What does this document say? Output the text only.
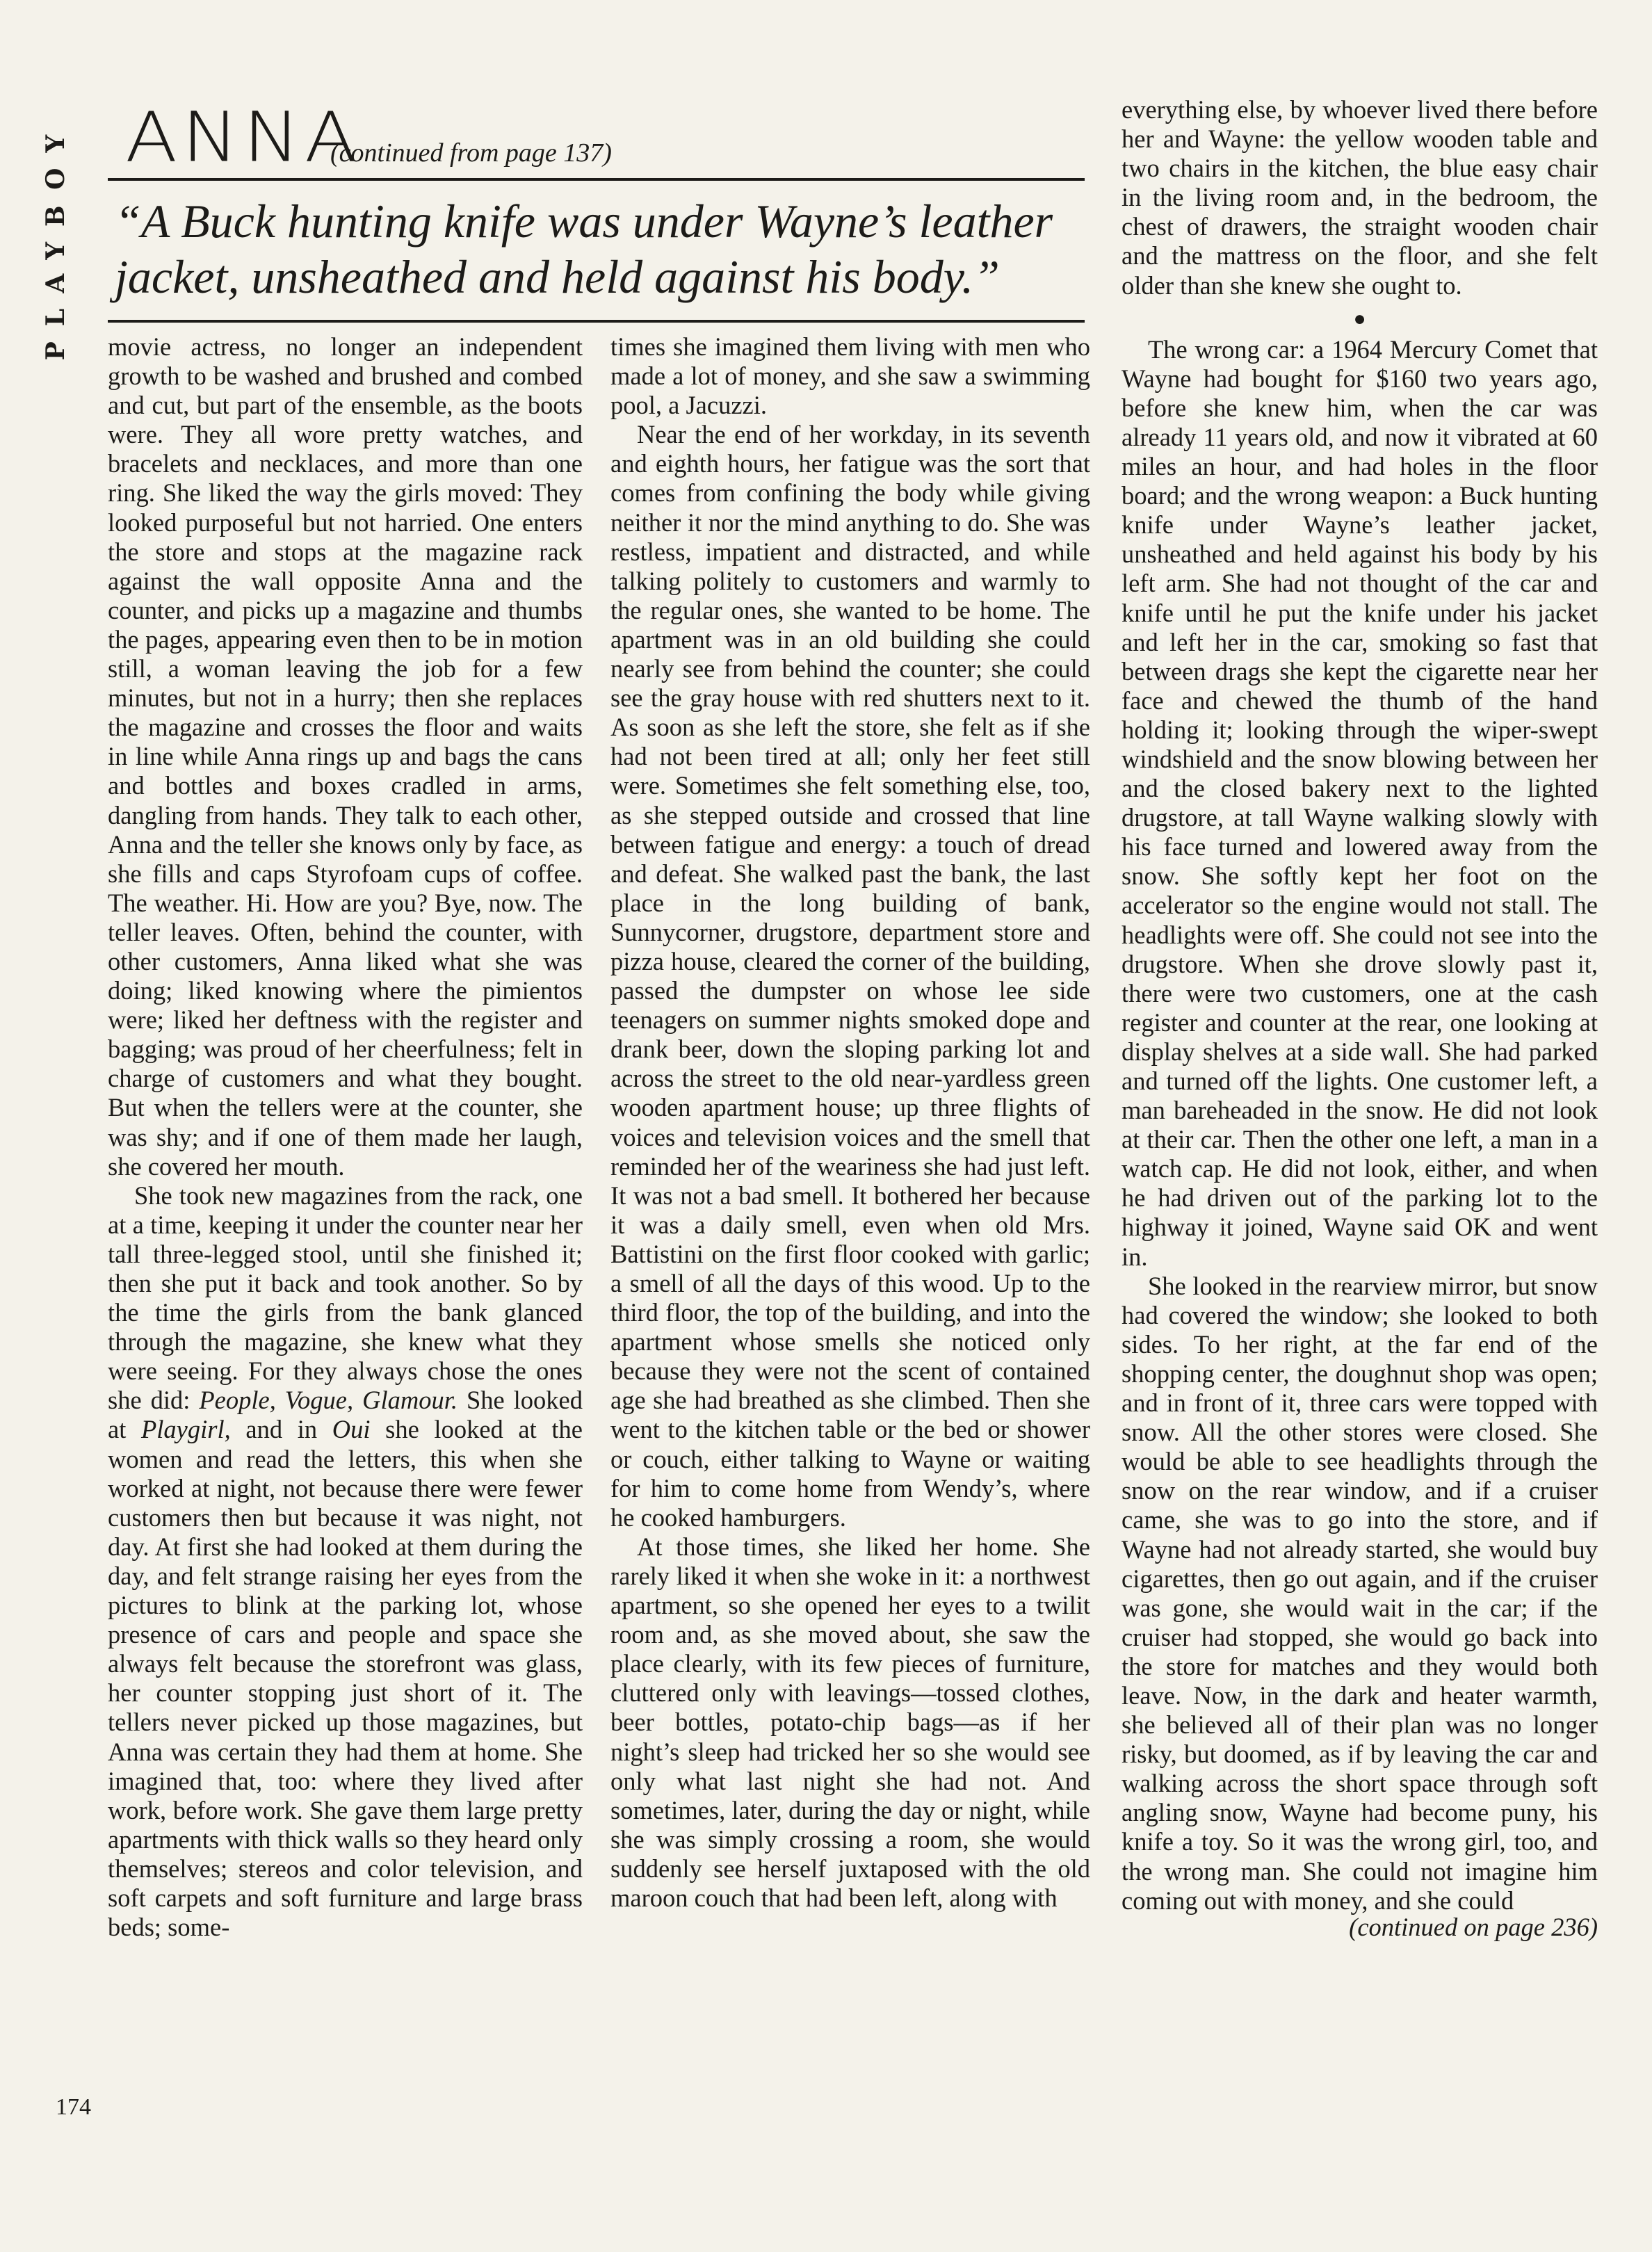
PLAYBOY ANNA
(continued from page 137)
“A Buck hunting knife was under Wayne’s leather jacket, unsheathed and held against his body.”

movie actress, no longer an independent growth to be washed and brushed and combed and cut, but part of the ensemble, as the boots were. They all wore pretty watches, and bracelets and necklaces, and more than one ring. She liked the way the girls moved: They looked purposeful but not harried. One enters the store and stops at the magazine rack against the wall opposite Anna and the counter, and picks up a magazine and thumbs the pages, appearing even then to be in motion still, a woman leaving the job for a few minutes, but not in a hurry; then she replaces the magazine and crosses the floor and waits in line while Anna rings up and bags the cans and bottles and boxes cradled in arms, dangling from hands. They talk to each other, Anna and the teller she knows only by face, as she fills and caps Styrofoam cups of coffee. The weather. Hi. How are you? Bye, now. The teller leaves. Often, behind the counter, with other customers, Anna liked what she was doing; liked knowing where the pimientos were; liked her deftness with the register and bagging; was proud of her cheerfulness; felt in charge of customers and what they bought. But when the tellers were at the counter, she was shy; and if one of them made her laugh, she covered her mouth.

She took new magazines from the rack, one at a time, keeping it under the counter near her tall three-legged stool, until she finished it; then she put it back and took another. So by the time the girls from the bank glanced through the magazine, she knew what they were seeing. For they always chose the ones she did: People, Vogue, Glamour. She looked at Playgirl, and in Oui she looked at the women and read the letters, this when she worked at night, not because there were fewer customers then but because it was night, not day. At first she had looked at them during the day, and felt strange raising her eyes from the pictures to blink at the parking lot, whose presence of cars and people and space she always felt because the storefront was glass, her counter stopping just short of it. The tellers never picked up those magazines, but Anna was certain they had them at home. She imagined that, too: where they lived after work, before work. She gave them large pretty apartments with thick walls so they heard only themselves; stereos and color television, and soft carpets and soft furniture and large brass beds; some-

times she imagined them living with men who made a lot of money, and she saw a swimming pool, a Jacuzzi.

Near the end of her workday, in its seventh and eighth hours, her fatigue was the sort that comes from confining the body while giving neither it nor the mind anything to do. She was restless, impatient and distracted, and while talking politely to customers and warmly to the regular ones, she wanted to be home. The apartment was in an old building she could nearly see from behind the counter; she could see the gray house with red shutters next to it. As soon as she left the store, she felt as if she had not been tired at all; only her feet still were. Sometimes she felt something else, too, as she stepped outside and crossed that line between fatigue and energy: a touch of dread and defeat. She walked past the bank, the last place in the long building of bank, Sunnycorner, drugstore, department store and pizza house, cleared the corner of the building, passed the dumpster on whose lee side teenagers on summer nights smoked dope and drank beer, down the sloping parking lot and across the street to the old near-yardless green wooden apartment house; up three flights of voices and television voices and the smell that reminded her of the weariness she had just left. It was not a bad smell. It bothered her because it was a daily smell, even when old Mrs. Battistini on the first floor cooked with garlic; a smell of all the days of this wood. Up to the third floor, the top of the building, and into the apartment whose smells she noticed only because they were not the scent of contained age she had breathed as she climbed. Then she went to the kitchen table or the bed or shower or couch, either talking to Wayne or waiting for him to come home from Wendy’s, where he cooked hamburgers.

At those times, she liked her home. She rarely liked it when she woke in it: a northwest apartment, so she opened her eyes to a twilit room and, as she moved about, she saw the place clearly, with its few pieces of furniture, cluttered only with leavings—tossed clothes, beer bottles, potato-chip bags—as if her night’s sleep had tricked her so she would see only what last night she had not. And sometimes, later, during the day or night, while she was simply crossing a room, she would suddenly see herself juxtaposed with the old maroon couch that had been left, along with

everything else, by whoever lived there before her and Wayne: the yellow wooden table and two chairs in the kitchen, the blue easy chair in the living room and, in the bedroom, the chest of drawers, the straight wooden chair and the mattress on the floor, and she felt older than she knew she ought to.

●

The wrong car: a 1964 Mercury Comet that Wayne had bought for $160 two years ago, before she knew him, when the car was already 11 years old, and now it vibrated at 60 miles an hour, and had holes in the floor board; and the wrong weapon: a Buck hunting knife under Wayne’s leather jacket, unsheathed and held against his body by his left arm. She had not thought of the car and knife until he put the knife under his jacket and left her in the car, smoking so fast that between drags she kept the cigarette near her face and chewed the thumb of the hand holding it; looking through the wiper-swept windshield and the snow blowing between her and the closed bakery next to the lighted drugstore, at tall Wayne walking slowly with his face turned and lowered away from the snow. She softly kept her foot on the accelerator so the engine would not stall. The headlights were off. She could not see into the drugstore. When she drove slowly past it, there were two customers, one at the cash register and counter at the rear, one looking at display shelves at a side wall. She had parked and turned off the lights. One customer left, a man bareheaded in the snow. He did not look at their car. Then the other one left, a man in a watch cap. He did not look, either, and when he had driven out of the parking lot to the highway it joined, Wayne said OK and went in.

She looked in the rearview mirror, but snow had covered the window; she looked to both sides. To her right, at the far end of the shopping center, the doughnut shop was open; and in front of it, three cars were topped with snow. All the other stores were closed. She would be able to see headlights through the snow on the rear window, and if a cruiser came, she was to go into the store, and if Wayne had not already started, she would buy cigarettes, then go out again, and if the cruiser was gone, she would wait in the car; if the cruiser had stopped, she would go back into the store for matches and they would both leave. Now, in the dark and heater warmth, she believed all of their plan was no longer risky, but doomed, as if by leaving the car and walking across the short space through soft angling snow, Wayne had become puny, his knife a toy. So it was the wrong girl, too, and the wrong man. She could not imagine him coming out with money, and she could

(continued on page 236)
174
